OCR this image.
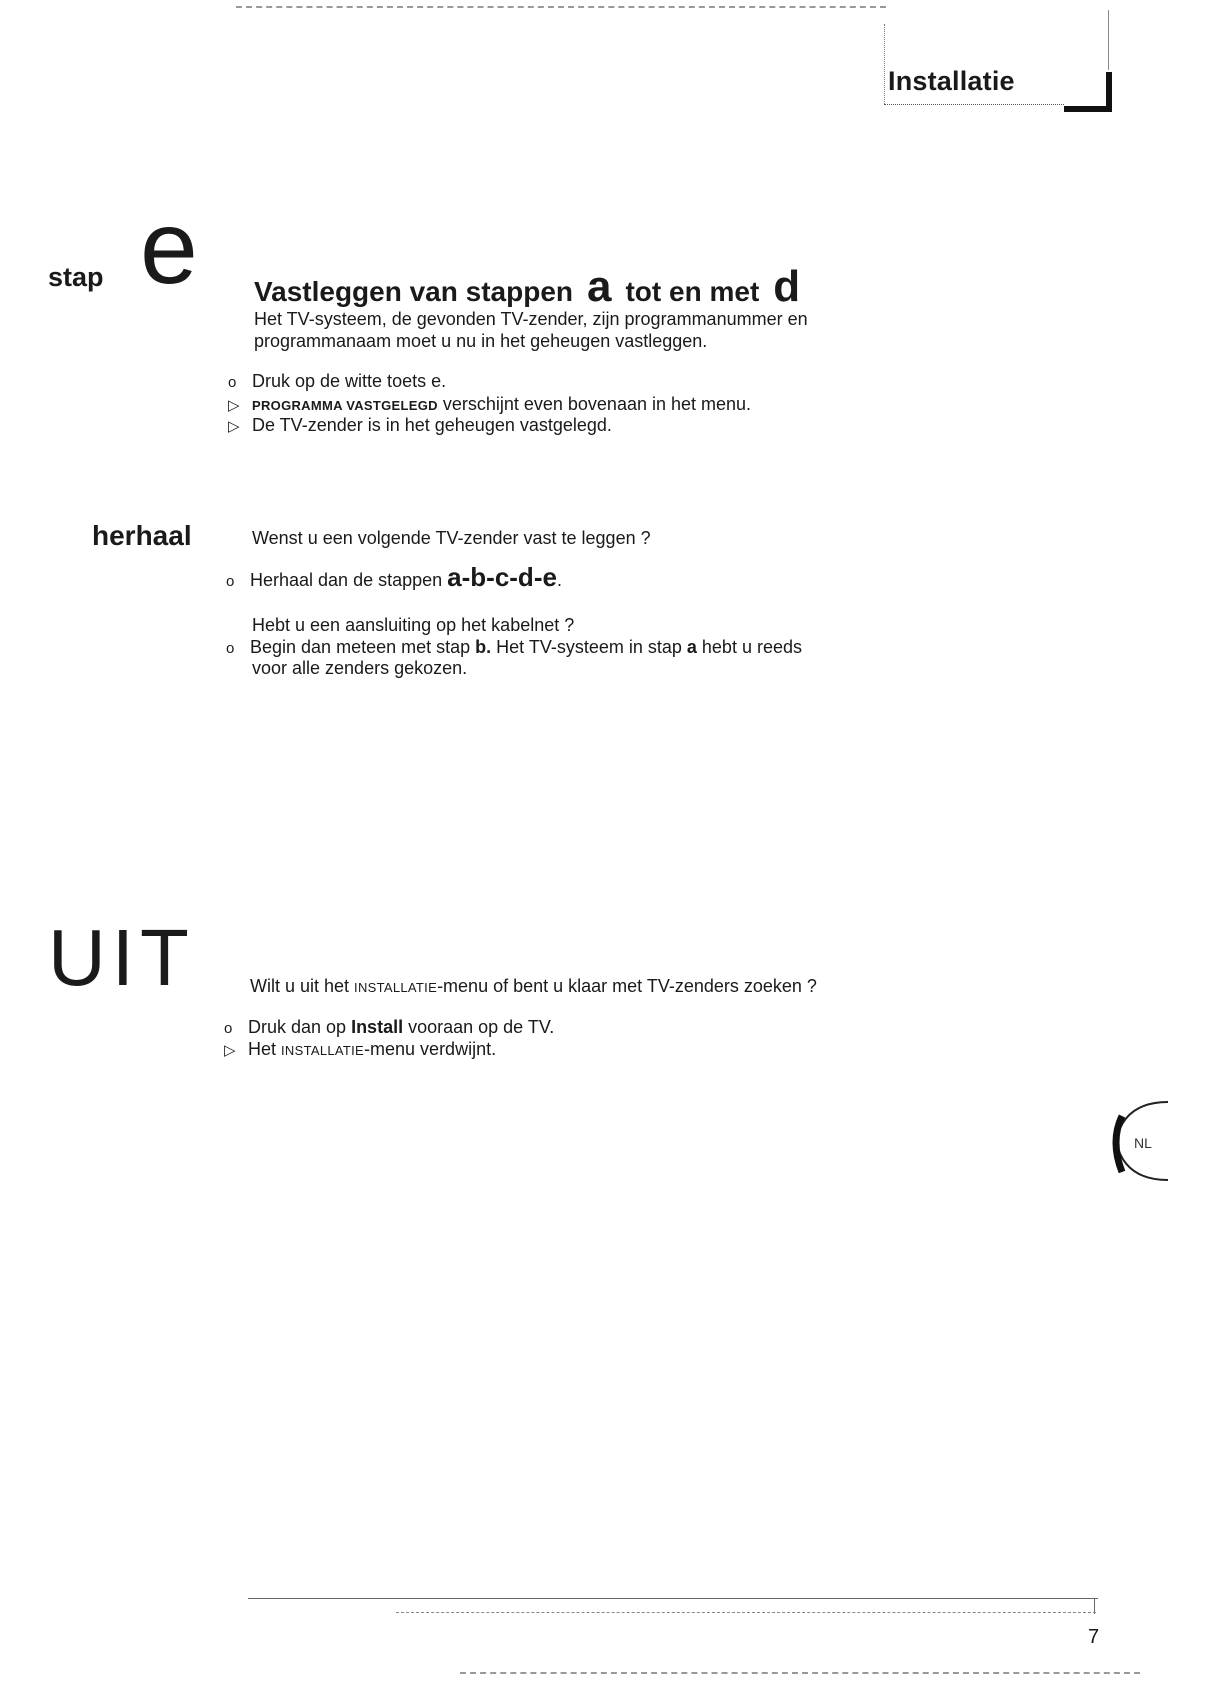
Installatie
stap e Vastleggen van stappen a tot en met d
Het TV-systeem, de gevonden TV-zender, zijn programmanummer en
programmanaam moet u nu in het geheugen vastleggen.
o Druk op de witte toets e.
▷ PROGRAMMA VASTGELEGD verschijnt even bovenaan in het menu.
▷ De TV-zender is in het geheugen vastgelegd.
herhaal	Wenst u een volgende TV-zender vast te leggen ?
o Herhaal dan de stappen a-b-c-d-e.
Hebt u een aansluiting op het kabelnet ?
o Begin dan meteen met stap b. Het TV-systeem in stap a hebt u reeds
voor alle zenders gekozen.
UIT	Wilt u uit het INSTALLATIE-menu of bent u klaar met TV-zenders zoeken ?
o Druk dan op Install vooraan op de TV.
▷ Het INSTALLATIE-menu verdwijnt.
NL
7
